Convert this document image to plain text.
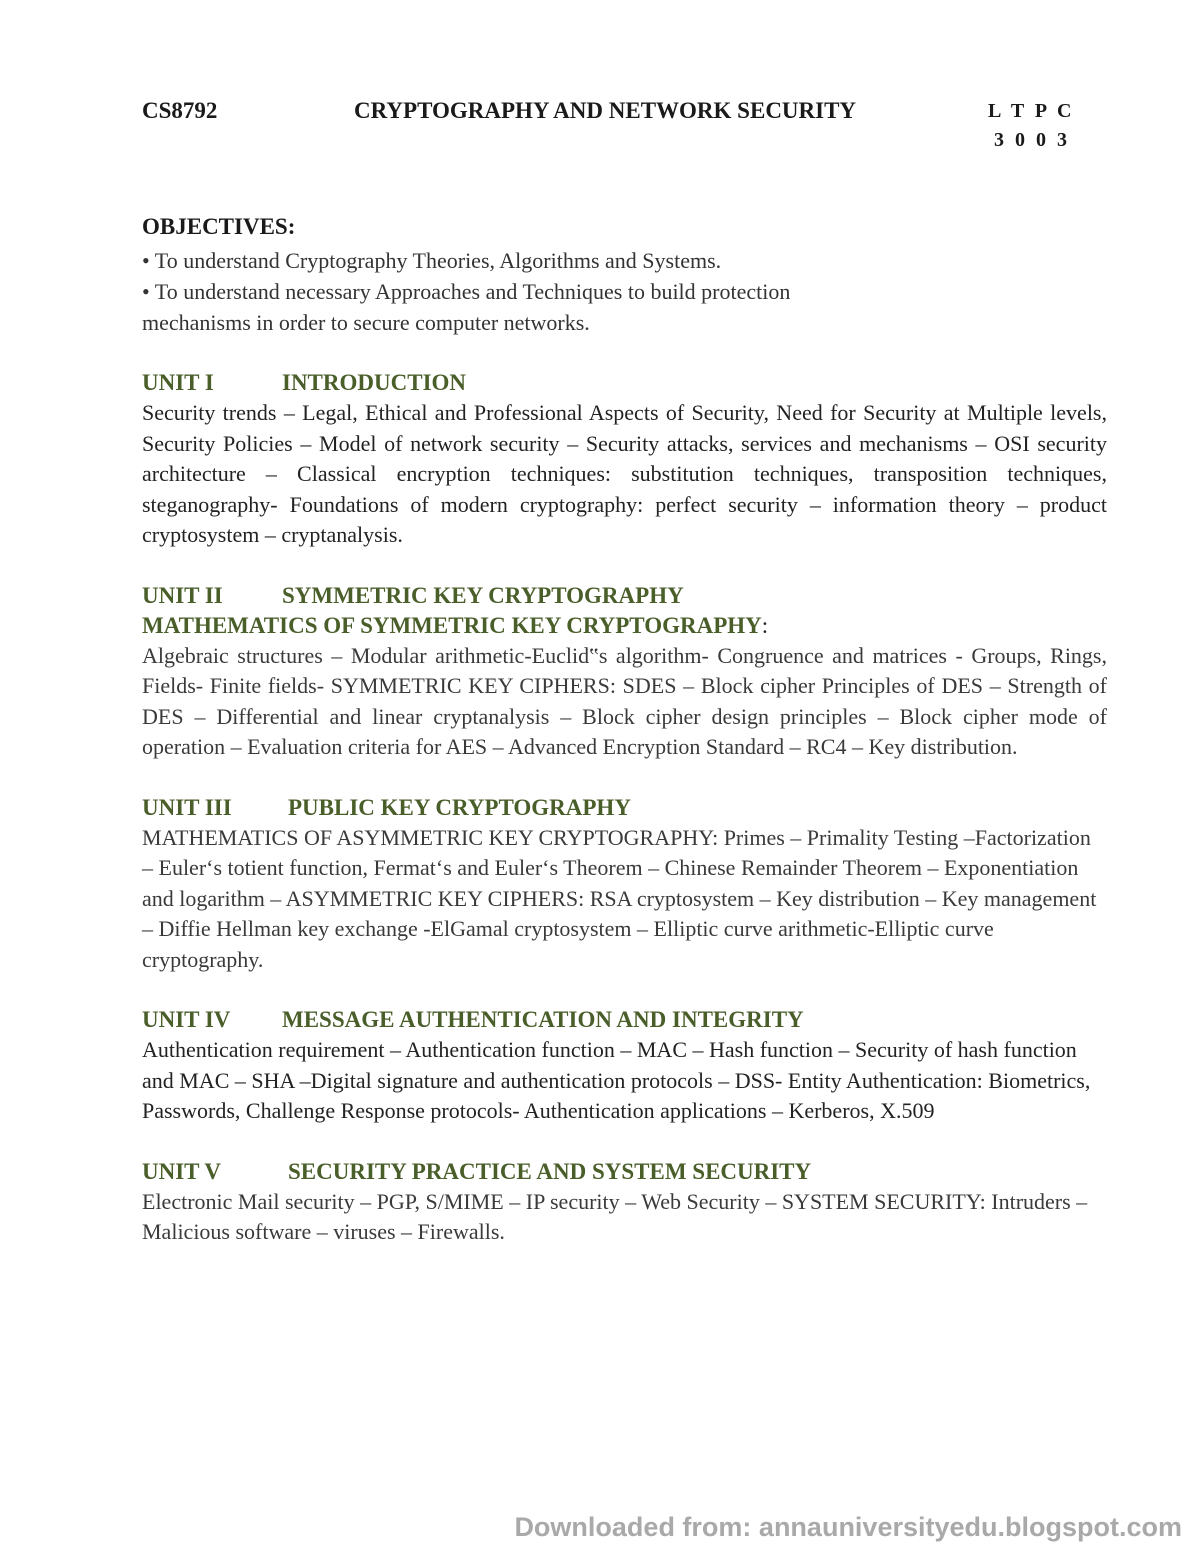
CS8792	CRYPTOGRAPHY AND NETWORK SECURITY	L T P C
3 0 0 3

OBJECTIVES:

• To understand Cryptography Theories, Algorithms and Systems.

• To understand necessary Approaches and Techniques to build protection

mechanisms in order to secure computer networks.

UNIT I	INTRODUCTION

Security trends – Legal, Ethical and Professional Aspects of Security, Need for Security at Multiple levels, Security Policies – Model of network security – Security attacks, services and mechanisms – OSI security architecture – Classical encryption techniques: substitution techniques, transposition techniques, steganography- Foundations of modern cryptography: perfect security – information theory – product cryptosystem – cryptanalysis.

UNIT II	SYMMETRIC KEY CRYPTOGRAPHY

MATHEMATICS OF SYMMETRIC KEY CRYPTOGRAPHY:

Algebraic structures – Modular arithmetic-Euclid‟s algorithm- Congruence and matrices - Groups, Rings, Fields- Finite fields- SYMMETRIC KEY CIPHERS: SDES – Block cipher Principles of DES – Strength of DES – Differential and linear cryptanalysis – Block cipher design principles – Block cipher mode of operation – Evaluation criteria for AES – Advanced Encryption Standard – RC4 – Key distribution.

UNIT III PUBLIC KEY CRYPTOGRAPHY

MATHEMATICS OF ASYMMETRIC KEY CRYPTOGRAPHY: Primes – Primality Testing –Factorization – Euler‘s totient function, Fermat‘s and Euler‘s Theorem – Chinese Remainder Theorem – Exponentiation and logarithm – ASYMMETRIC KEY CIPHERS: RSA cryptosystem – Key distribution – Key management – Diffie Hellman key exchange -ElGamal cryptosystem – Elliptic curve arithmetic-Elliptic curve cryptography.

UNIT IV MESSAGE AUTHENTICATION AND INTEGRITY

Authentication requirement – Authentication function – MAC – Hash function – Security of hash function and MAC – SHA –Digital signature and authentication protocols – DSS- Entity Authentication: Biometrics, Passwords, Challenge Response protocols- Authentication applications – Kerberos, X.509

UNIT V	SECURITY PRACTICE AND SYSTEM SECURITY

Electronic Mail security – PGP, S/MIME – IP security – Web Security – SYSTEM SECURITY: Intruders – Malicious software – viruses – Firewalls.

Downloaded from: annauniversityedu.blogspot.com
